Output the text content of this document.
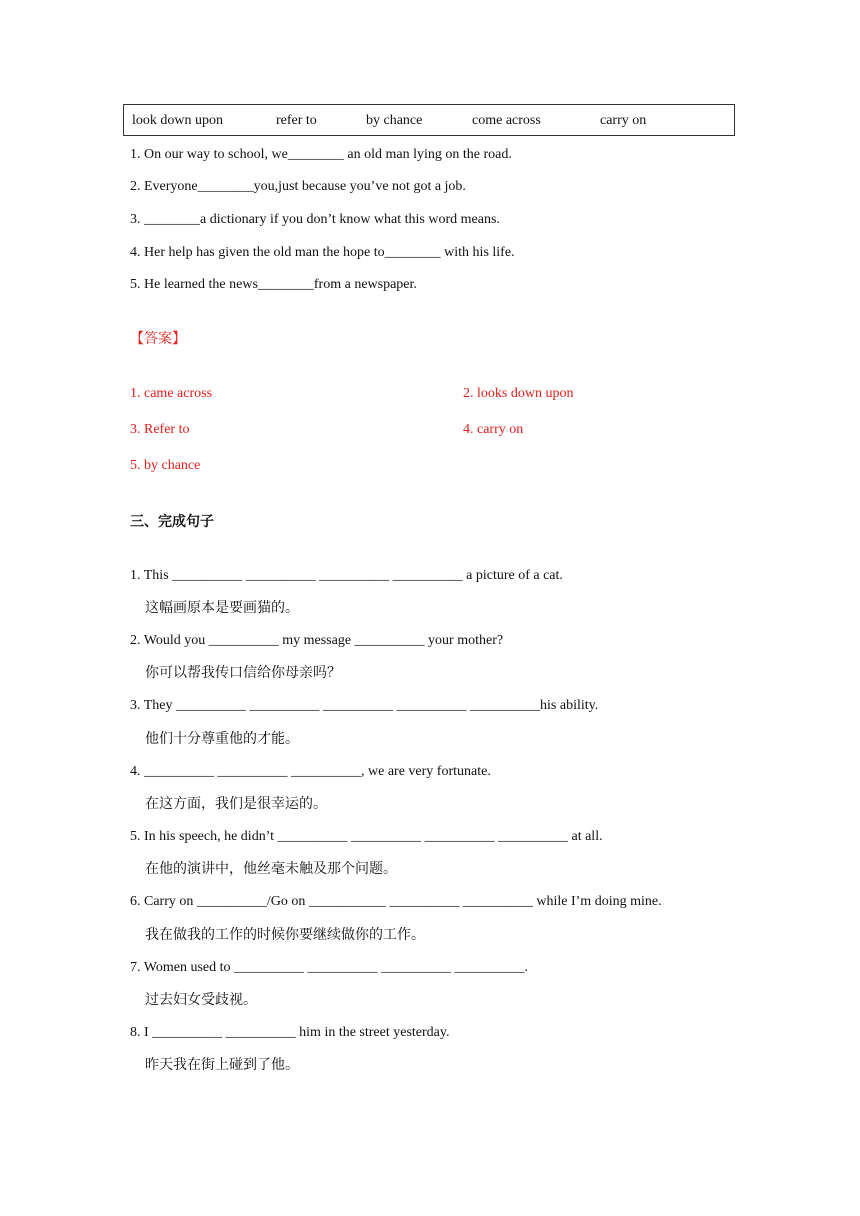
look down upon	refer to	by chance	come across	carry on
1. On our way to school, we________ an old man lying on the road.
2. Everyone________you,just because you’ve not got a job.
3. ________a dictionary if you don’t know what this word means.
4. Her help has given the old man the hope to________ with his life.
5. He learned the news________from a newspaper.
【答案】
1. came across	2. looks down upon
3. Refer to	4. carry on
5. by chance
三、完成句子
1. This __________ __________ __________ __________ a picture of a cat.
这幅画原本是要画猫的。
2. Would you __________ my message __________ your mother?
你可以帮我传口信给你母亲吗？
3. They __________ __________ __________ __________ __________his ability.
他们十分尊重他的才能。
4. __________ __________ __________, we are very fortunate.
在这方面，我们是很幸运的。
5. In his speech, he didn’t __________ __________ __________ __________ at all.
在他的演讲中，他丝毫未触及那个问题。
6. Carry on __________/Go on ___________ __________ __________ while I’m doing mine.
我在做我的工作的时候你要继续做你的工作。
7. Women used to __________ __________ __________ __________.
过去妇女受歧视。
8. I __________ __________ him in the street yesterday.
昨天我在街上碰到了他。
